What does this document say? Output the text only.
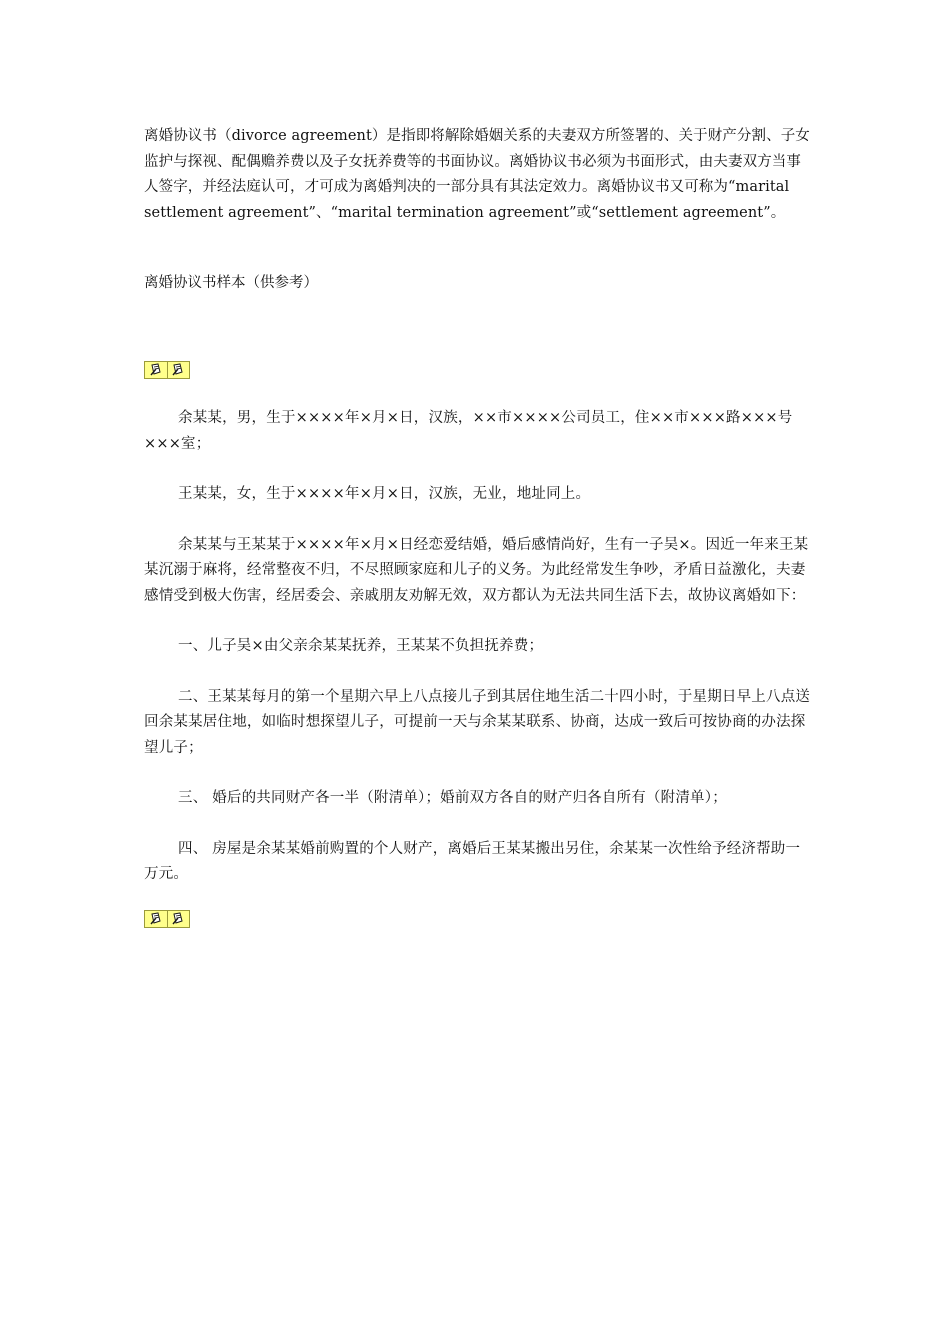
离婚协议书（divorce agreement）是指即将解除婚姻关系的夫妻双方所签署的、关于财产分割、子女监护与探视、配偶赡养费以及子女抚养费等的书面协议。离婚协议书必须为书面形式，由夫妻双方当事人签字，并经法庭认可，才可成为离婚判决的一部分具有其法定效力。离婚协议书又可称为“marital settlement agreement”、“marital termination agreement”或“settlement agreement”。

离婚协议书样本（供参考）

余某某，男，生于××××年×月×日，汉族，××市××××公司员工，住××市×××路×××号×××室；

王某某，女，生于××××年×月×日，汉族，无业，地址同上。

余某某与王某某于××××年×月×日经恋爱结婚，婚后感情尚好，生有一子吴×。因近一年来王某某沉溺于麻将，经常整夜不归，不尽照顾家庭和儿子的义务。为此经常发生争吵，矛盾日益激化，夫妻感情受到极大伤害，经居委会、亲戚朋友劝解无效，双方都认为无法共同生活下去，故协议离婚如下：

一、儿子吴×由父亲余某某抚养，王某某不负担抚养费；

二、王某某每月的第一个星期六早上八点接儿子到其居住地生活二十四小时，于星期日早上八点送回余某某居住地，如临时想探望儿子，可提前一天与余某某联系、协商，达成一致后可按协商的办法探望儿子；

三、 婚后的共同财产各一半（附清单）；婚前双方各自的财产归各自所有（附清单）；

四、 房屋是余某某婚前购置的个人财产，离婚后王某某搬出另住，余某某一次性给予经济帮助一万元。
